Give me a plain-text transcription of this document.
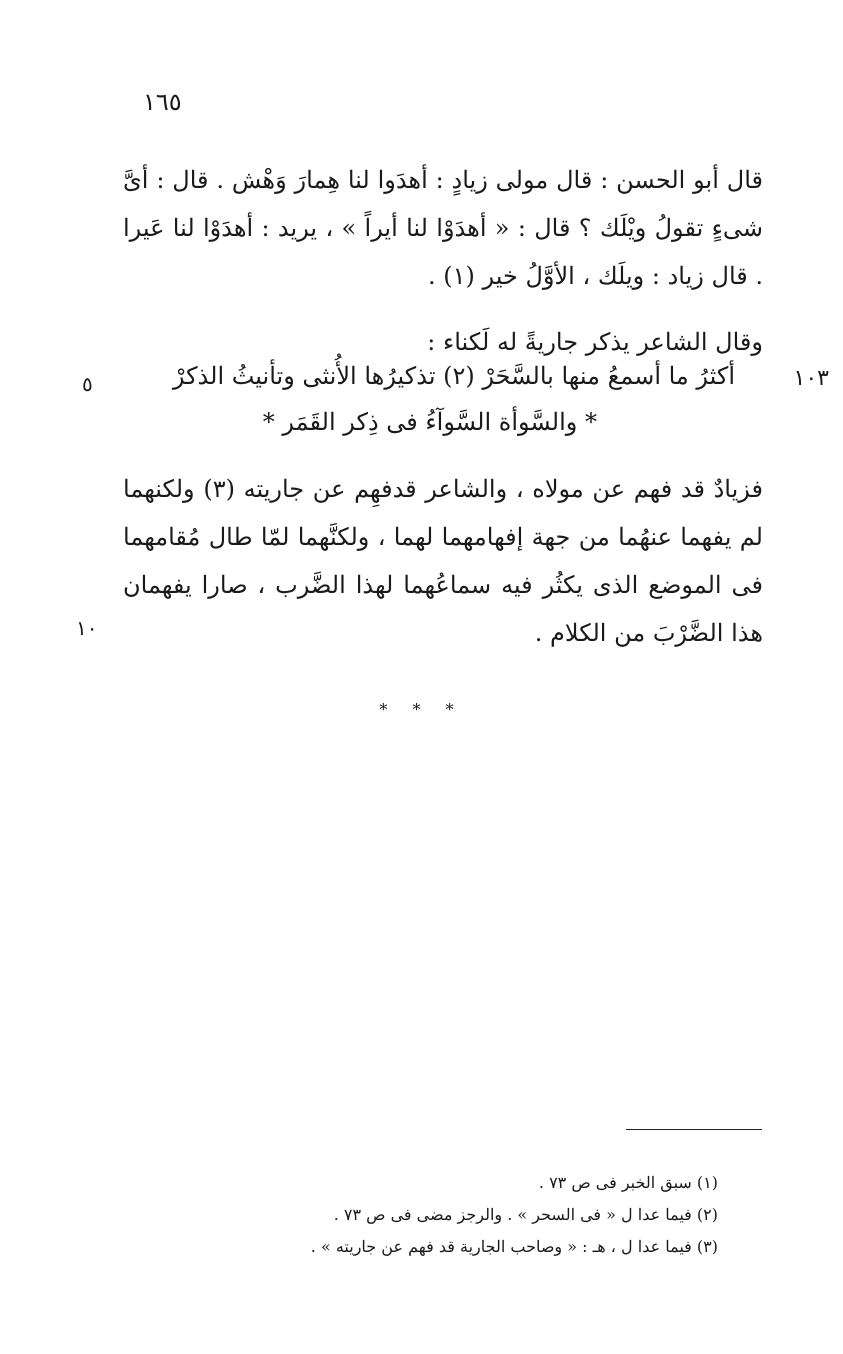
١٦٥

قال أبو الحسن : قال مولى زيادٍ : أهدَوا لنا هِمارَ وَهْش . قال : أىَّ شىءٍ تقولُ ويْلَك ؟ قال : « أهدَوْا لنا أيراً » ، يريد : أهدَوْا لنا عَيرا . قال زياد : ويلَك ، الأوَّلُ خير (١) .

وقال الشاعر يذكر جاريةً له لَكناء :

١٠٣
٥	أكثرُ ما أسمعُ منها بالسَّحَرْ (٢) تذكيرُها الأُنثى وتأنيثُ الذكرْ
* والسَّوأة السَّوآءُ فى ذِكر القَمَر *

فزيادٌ قد فهم عن مولاه ، والشاعر قدفهِم عن جاريته (٣) ولكنهما لم يفهما عنهُما من جهة إفهامهما لهما ، ولكنَّهما لمّا طال مُقامهما فى الموضع الذى يكثُر فيه سماعُهما لهذا الضَّرب ، صارا يفهمان هذا الضَّرْبَ من الكلام .

١٠
* * *
(١) سبق الخبر فى ص ٧٣ .
(٢) فيما عدا ل « فى السحر » . والرجز مضى فى ص ٧٣ .
(٣) فيما عدا ل ، هـ : « وصاحب الجارية قد فهم عن جاريته » .
